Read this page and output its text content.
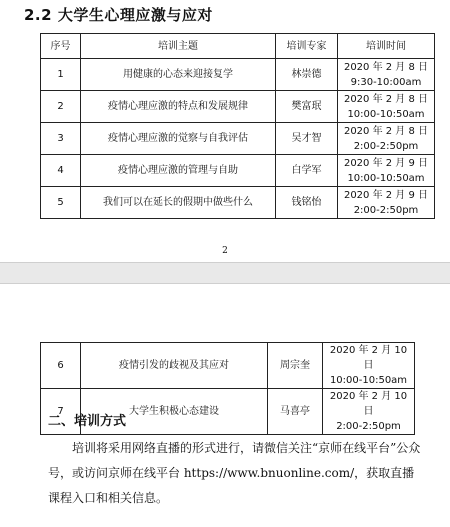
2.2 大学生心理应激与应对
序号	培训主题	培训专家	培训时间
1	用健康的心态来迎接复学	林崇德	2020 年 2 月 8 日
9:30-10:00am
2	疫情心理应激的特点和发展规律	樊富珉	2020 年 2 月 8 日
10:00-10:50am
3	疫情心理应激的觉察与自我评估	吴才智	2020 年 2 月 8 日
2:00-2:50pm
4	疫情心理应激的管理与自助	白学军	2020 年 2 月 9 日
10:00-10:50am
5	我们可以在延长的假期中做些什么	钱铭怡	2020 年 2 月 9 日
2:00-2:50pm
2
6	疫情引发的歧视及其应对	周宗奎	2020 年 2 月 10 日
10:00-10:50am
7	大学生积极心态建设	马喜亭	2020 年 2 月 10 日
2:00-2:50pm
二、培训方式
培训将采用网络直播的形式进行，请微信关注“京师在线平台”公众号，或访问京师在线平台 https://www.bnuonline.com/，获取直播课程入口和相关信息。
